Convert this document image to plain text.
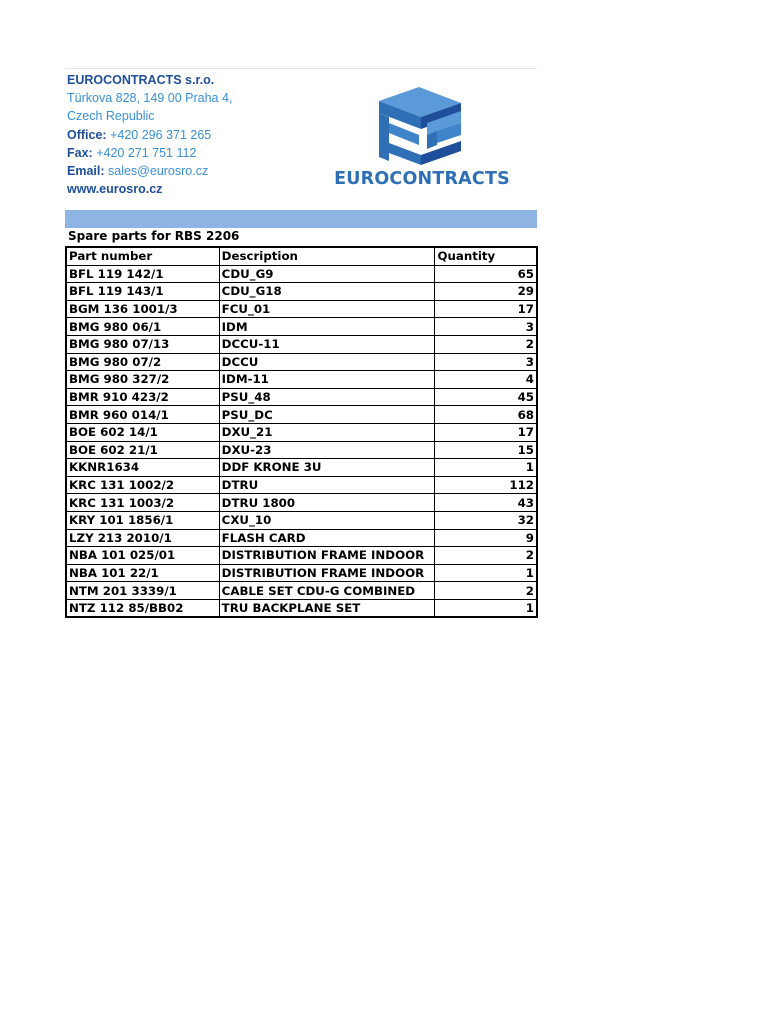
EUROCONTRACTS s.r.o.
Türkova 828, 149 00 Praha 4,
Czech Republic
Office: +420 296 371 265
Fax: +420 271 751 112
Email: sales@eurosro.cz
www.eurosro.cz
EUROCONTRACTS
Spare parts for RBS 2206
Part number	Description	Quantity
BFL 119 142/1	CDU_G9	65
BFL 119 143/1	CDU_G18	29
BGM 136 1001/3	FCU_01	17
BMG 980 06/1	IDM	3
BMG 980 07/13	DCCU-11	2
BMG 980 07/2	DCCU	3
BMG 980 327/2	IDM-11	4
BMR 910 423/2	PSU_48	45
BMR 960 014/1	PSU_DC	68
BOE 602 14/1	DXU_21	17
BOE 602 21/1	DXU-23	15
KKNR1634	DDF KRONE 3U	1
KRC 131 1002/2	DTRU	112
KRC 131 1003/2	DTRU 1800	43
KRY 101 1856/1	CXU_10	32
LZY 213 2010/1	FLASH CARD	9
NBA 101 025/01	DISTRIBUTION FRAME INDOOR	2
NBA 101 22/1	DISTRIBUTION FRAME INDOOR	1
NTM 201 3339/1	CABLE SET CDU-G COMBINED	2
NTZ 112 85/BB02	TRU BACKPLANE SET	1
